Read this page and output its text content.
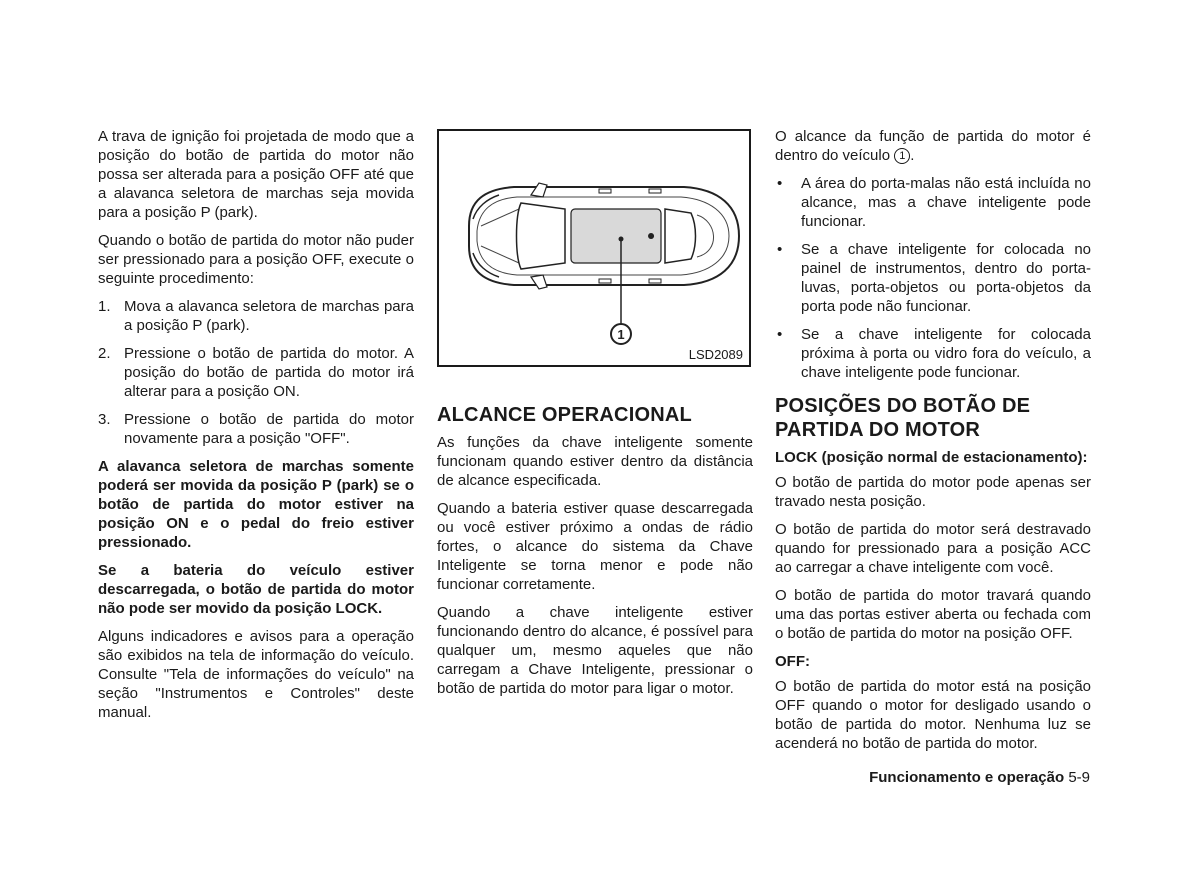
A trava de ignição foi projetada de modo que a posição do botão de partida do motor não possa ser alterada para a posição OFF até que a alavanca seletora de marchas seja movida para a posição P (park).

Quando o botão de partida do motor não puder ser pressionado para a posição OFF, execute o seguinte procedimento:

1. Mova a alavanca seletora de marchas para a posição P (park).
2. Pressione o botão de partida do motor. A posição do botão de partida do motor irá alterar para a posição ON.
3. Pressione o botão de partida do motor novamente para a posição "OFF".

A alavanca seletora de marchas somente poderá ser movida da posição P (park) se o botão de partida do motor estiver na posição ON e o pedal do freio estiver pressionado.

Se a bateria do veículo estiver descarregada, o botão de partida do motor não pode ser movido da posição LOCK.

Alguns indicadores e avisos para a operação são exibidos na tela de informação do veículo. Consulte "Tela de informações do veículo" na seção "Instrumentos e Controles" deste manual.

1
LSD2089
ALCANCE OPERACIONAL

As funções da chave inteligente somente funcionam quando estiver dentro da distância de alcance especificada.

Quando a bateria estiver quase descarregada ou você estiver próximo a ondas de rádio fortes, o alcance do sistema da Chave Inteligente se torna menor e pode não funcionar corretamente.

Quando a chave inteligente estiver funcionando dentro do alcance, é possível para qualquer um, mesmo aqueles que não carregam a Chave Inteligente, pressionar o botão de partida do motor para ligar o motor.

O alcance da função de partida do motor é dentro do veículo 1 .

• A área do porta-malas não está incluída no alcance, mas a chave inteligente pode funcionar.
• Se a chave inteligente for colocada no painel de instrumentos, dentro do porta-luvas, porta-objetos ou porta-objetos da porta pode não funcionar.
• Se a chave inteligente for colocada próxima à porta ou vidro fora do veículo, a chave inteligente pode funcionar.
POSIÇÕES DO BOTÃO DE PARTIDA DO MOTOR
LOCK (posição normal de estacionamento):

O botão de partida do motor pode apenas ser travado nesta posição.

O botão de partida do motor será destravado quando for pressionado para a posição ACC ao carregar a chave inteligente com você.

O botão de partida do motor travará quando uma das portas estiver aberta ou fechada com o botão de partida do motor na posição OFF.

OFF:

O botão de partida do motor está na posição OFF quando o motor for desligado usando o botão de partida do motor. Nenhuma luz se acenderá no botão de partida do motor.

Funcionamento e operação 5-9
